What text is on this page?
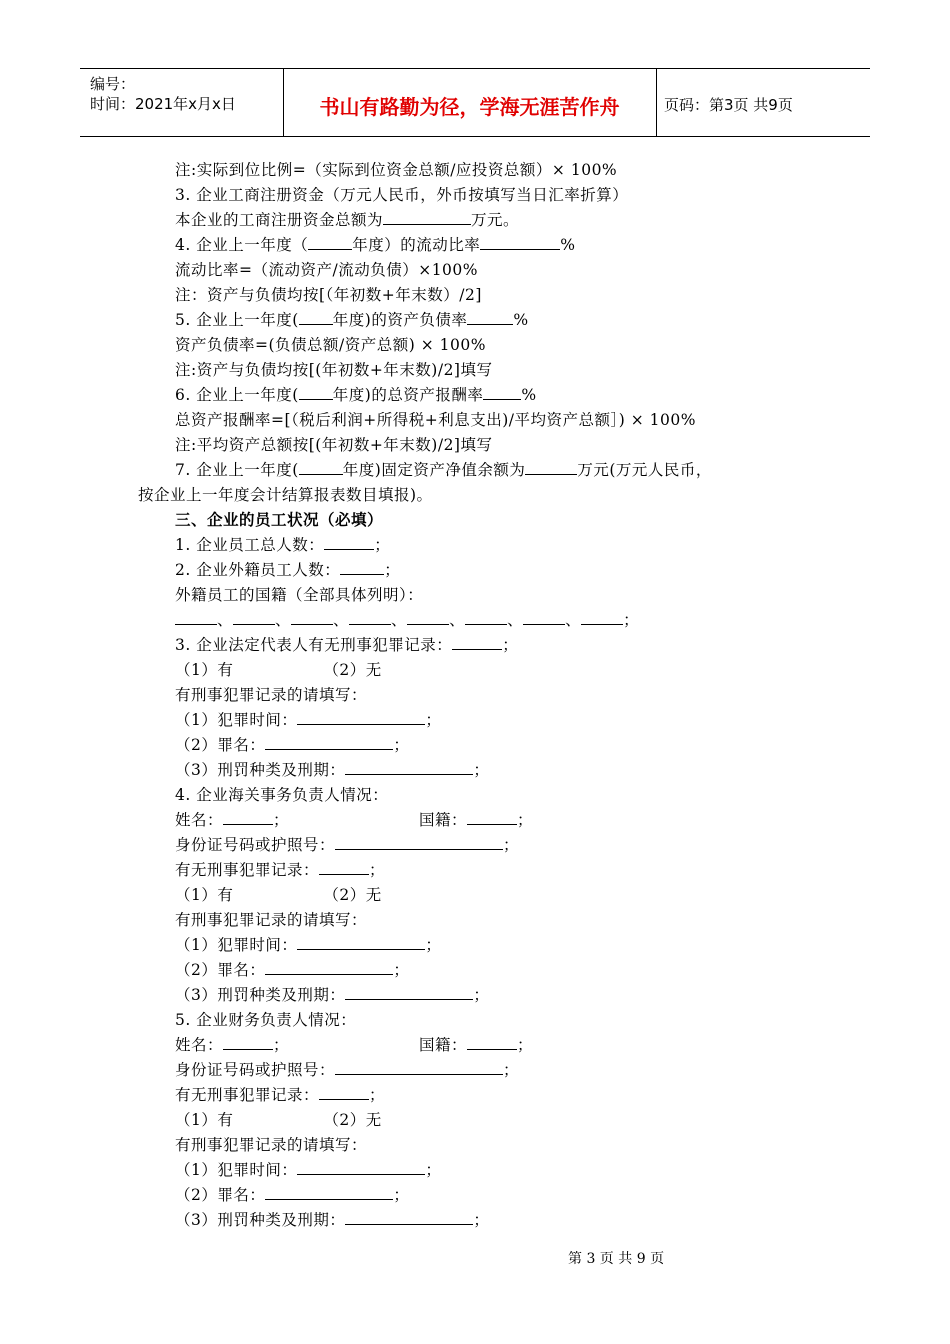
编号：
时间：2021年x月x日	书山有路勤为径，学海无涯苦作舟	页码：第3页 共9页
注:实际到位比例=（实际到位资金总额/应投资总额）× 100%
3. 企业工商注册资金（万元人民币，外币按填写当日汇率折算）
本企业的工商注册资金总额为	万元。
4. 企业上一年度（	年度）的流动比率	%
流动比率=（流动资产/流动负债）×100%
注：资产与负债均按[（年初数+年末数）/2]
5. 企业上一年度( 年度)的资产负债率	%
资产负债率=(负债总额/资产总额) × 100%
注:资产与负债均按[(年初数+年末数)/2]填写
6. 企业上一年度( 年度)的总资产报酬率 %
总资产报酬率=[（税后利润+所得税+利息支出)/平均资产总额］) × 100%
注:平均资产总额按[(年初数+年末数)/2]填写
7. 企业上一年度(	年度)固定资产净值余额为	万元(万元人民币，
按企业上一年度会计结算报表数目填报)。
三、企业的员工状况（必填）
1. 企业员工总人数：	；
2. 企业外籍员工人数：	；
外籍员工的国籍（全部具体列明）：
、	、	、	、	、	、	、	；
3. 企业法定代表人有无刑事犯罪记录：	；
（1）有	（2）无
有刑事犯罪记录的请填写：
（1）犯罪时间：	；
（2）罪名：	；
（3）刑罚种类及刑期：	；
4. 企业海关事务负责人情况：
姓名：	；	国籍：	；
身份证号码或护照号：	；
有无刑事犯罪记录：	；
（1）有	（2）无
有刑事犯罪记录的请填写：
（1）犯罪时间：	；
（2）罪名：	；
（3）刑罚种类及刑期：	；
5. 企业财务负责人情况：
姓名：	；	国籍：	；
身份证号码或护照号：	；
有无刑事犯罪记录：	；
（1）有	（2）无
有刑事犯罪记录的请填写：
（1）犯罪时间：	；
（2）罪名：	；
（3）刑罚种类及刑期：	；
第 3 页 共 9 页
